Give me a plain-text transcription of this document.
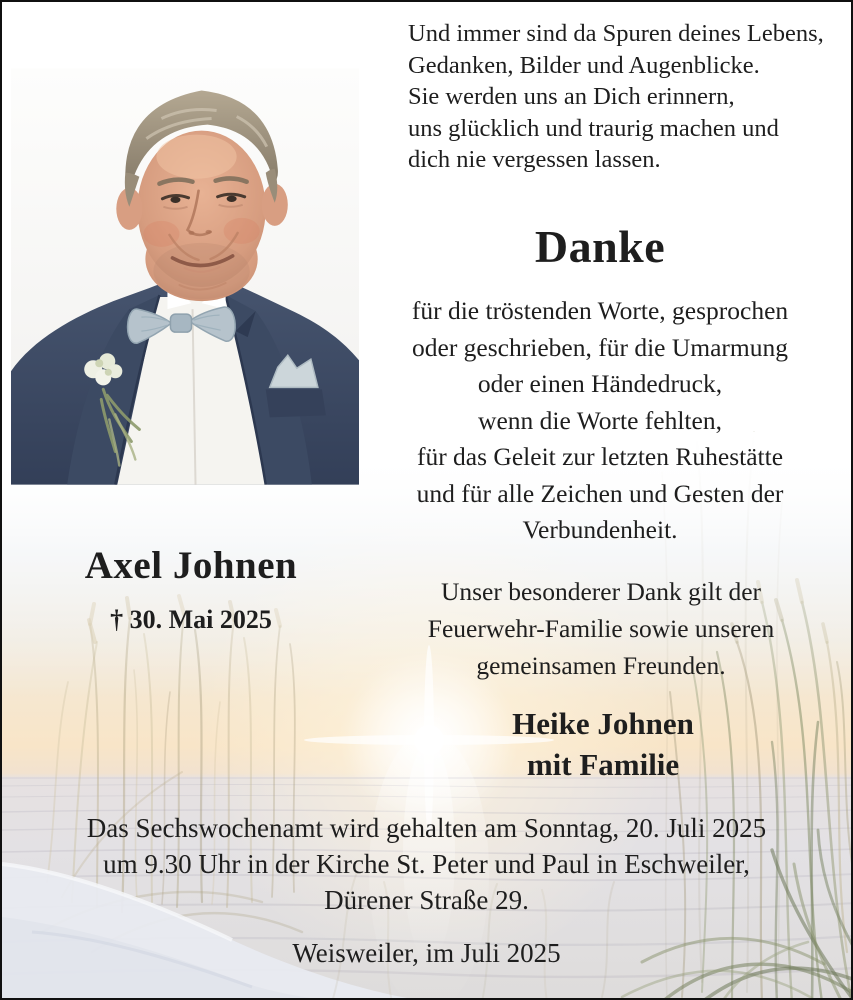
Und immer sind da Spuren deines Lebens,
Gedanken, Bilder und Augenblicke.
Sie werden uns an Dich erinnern,
uns glücklich und traurig machen und
dich nie vergessen lassen.
Danke
für die tröstenden Worte, gesprochen
oder geschrieben, für die Umarmung
oder einen Händedruck,
wenn die Worte fehlten,
für das Geleit zur letzten Ruhestätte
und für alle Zeichen und Gesten der
Verbundenheit.
Axel Johnen
† 30. Mai 2025
Unser besonderer Dank gilt der
Feuerwehr-Familie sowie unseren
gemeinsamen Freunden.
Heike Johnen
mit Familie
Das Sechswochenamt wird gehalten am Sonntag, 20. Juli 2025
um 9.30 Uhr in der Kirche St. Peter und Paul in Eschweiler,
Dürener Straße 29.
Weisweiler, im Juli 2025
